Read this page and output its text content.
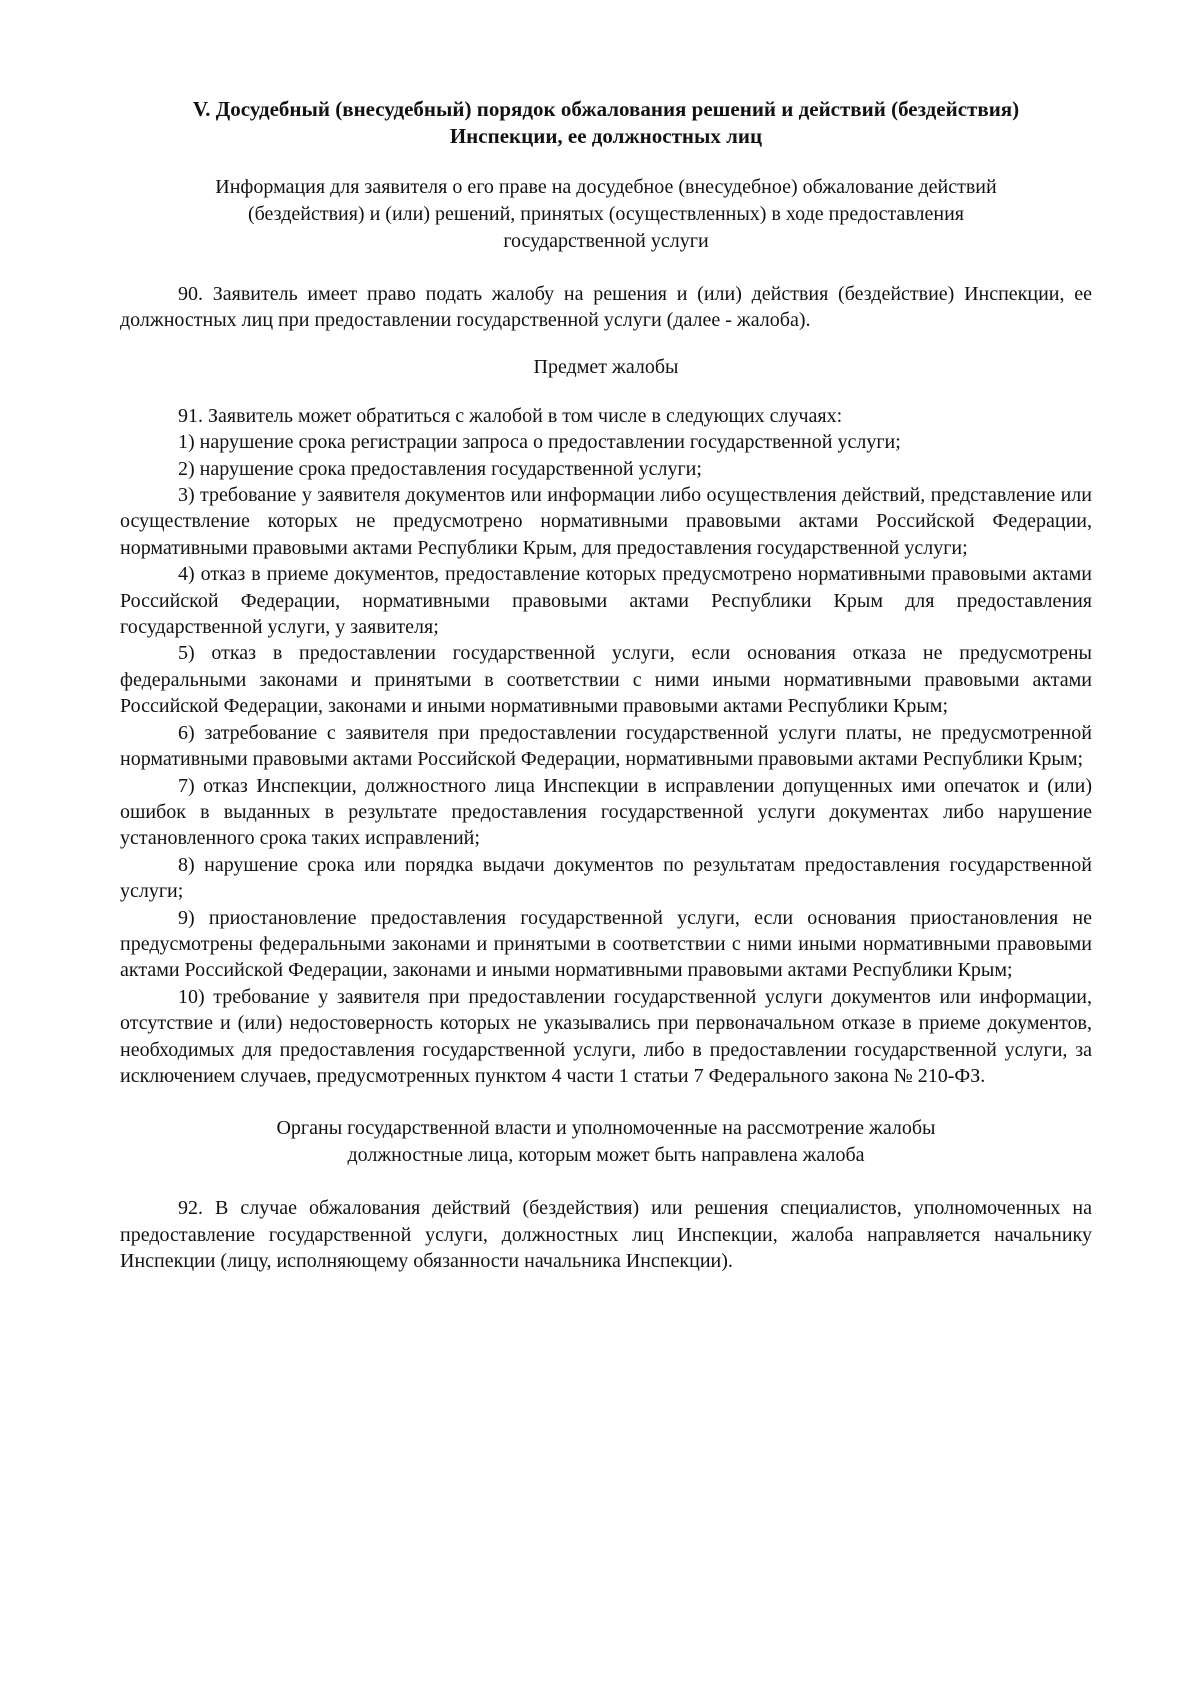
V. Досудебный (внесудебный) порядок обжалования решений и действий (бездействия)
Инспекции, ее должностных лиц
Информация для заявителя о его праве на досудебное (внесудебное) обжалование действий
(бездействия) и (или) решений, принятых (осуществленных) в ходе предоставления
государственной услуги

90. Заявитель имеет право подать жалобу на решения и (или) действия (бездействие) Инспекции, ее должностных лиц при предоставлении государственной услуги (далее - жалоба).

Предмет жалобы

91. Заявитель может обратиться с жалобой в том числе в следующих случаях:

1) нарушение срока регистрации запроса о предоставлении государственной услуги;

2) нарушение срока предоставления государственной услуги;

3) требование у заявителя документов или информации либо осуществления действий, представление или осуществление которых не предусмотрено нормативными правовыми актами Российской Федерации, нормативными правовыми актами Республики Крым, для предоставления государственной услуги;

4) отказ в приеме документов, предоставление которых предусмотрено нормативными правовыми актами Российской Федерации, нормативными правовыми актами Республики Крым для предоставления государственной услуги, у заявителя;

5) отказ в предоставлении государственной услуги, если основания отказа не предусмотрены федеральными законами и принятыми в соответствии с ними иными нормативными правовыми актами Российской Федерации, законами и иными нормативными правовыми актами Республики Крым;

6) затребование с заявителя при предоставлении государственной услуги платы, не предусмотренной нормативными правовыми актами Российской Федерации, нормативными правовыми актами Республики Крым;

7) отказ Инспекции, должностного лица Инспекции в исправлении допущенных ими опечаток и (или) ошибок в выданных в результате предоставления государственной услуги документах либо нарушение установленного срока таких исправлений;

8) нарушение срока или порядка выдачи документов по результатам предоставления государственной услуги;

9) приостановление предоставления государственной услуги, если основания приостановления не предусмотрены федеральными законами и принятыми в соответствии с ними иными нормативными правовыми актами Российской Федерации, законами и иными нормативными правовыми актами Республики Крым;

10) требование у заявителя при предоставлении государственной услуги документов или информации, отсутствие и (или) недостоверность которых не указывались при первоначальном отказе в приеме документов, необходимых для предоставления государственной услуги, либо в предоставлении государственной услуги, за исключением случаев, предусмотренных пунктом 4 части 1 статьи 7 Федерального закона № 210-ФЗ.

Органы государственной власти и уполномоченные на рассмотрение жалобы
должностные лица, которым может быть направлена жалоба

92. В случае обжалования действий (бездействия) или решения специалистов, уполномоченных на предоставление государственной услуги, должностных лиц Инспекции, жалоба направляется начальнику Инспекции (лицу, исполняющему обязанности начальника Инспекции).
